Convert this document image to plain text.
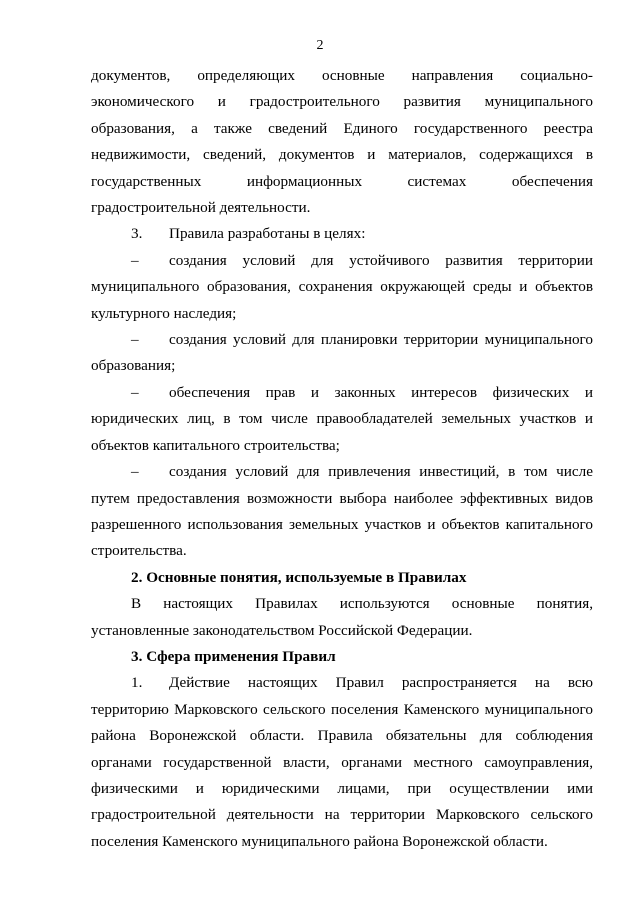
2

документов, определяющих основные направления социально-экономического и градостроительного развития муниципального образования, а также сведений Единого государственного реестра недвижимости, сведений, документов и материалов, содержащихся в государственных информационных системах обеспечения градостроительной деятельности.

3. Правила разработаны в целях:

– создания условий для устойчивого развития территории муниципального образования, сохранения окружающей среды и объектов культурного наследия;

– создания условий для планировки территории муниципального образования;

– обеспечения прав и законных интересов физических и юридических лиц, в том числе правообладателей земельных участков и объектов капитального строительства;

– создания условий для привлечения инвестиций, в том числе путем предоставления возможности выбора наиболее эффективных видов разрешенного использования земельных участков и объектов капитального строительства.

2. Основные понятия, используемые в Правилах

В настоящих Правилах используются основные понятия, установленные законодательством Российской Федерации.

3. Сфера применения Правил

1. Действие настоящих Правил распространяется на всю территорию Марковского сельского поселения Каменского муниципального района Воронежской области. Правила обязательны для соблюдения органами государственной власти, органами местного самоуправления, физическими и юридическими лицами, при осуществлении ими градостроительной деятельности на территории Марковского сельского поселения Каменского муниципального района Воронежской области.
